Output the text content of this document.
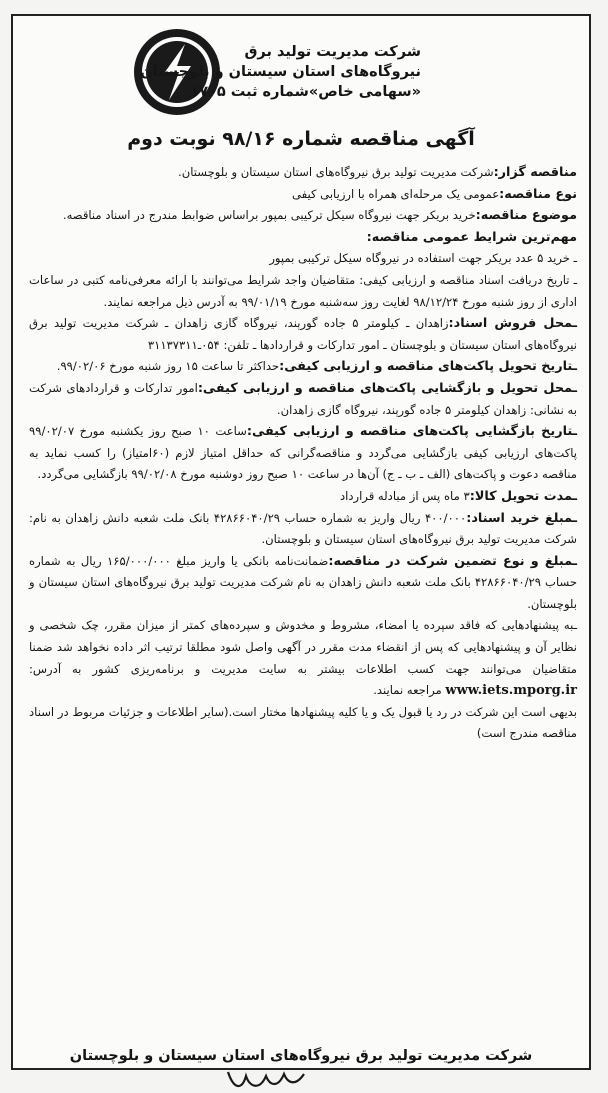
شرکت مدیریت تولید برق
نیروگاه‌های استان سیستان و بلوچستان
«سهامی خاص»شماره ثبت ۱۷۰۵
آگهی مناقصه شماره ۹۸/۱۶ نوبت دوم

مناقصه گزار:شرکت مدیریت تولید برق نیروگاه‌های استان سیستان و بلوچستان.

نوع مناقصه:عمومی یک مرحله‌ای همراه با ارزیابی کیفی

موضوع مناقصه:خرید بریکر جهت نیروگاه سیکل ترکیبی بمپور براساس ضوابط مندرج در اسناد مناقصه.

مهم‌ترین شرایط عمومی مناقصه:

ـ خرید ۵ عدد بریکر جهت استفاده در نیروگاه سیکل ترکیبی بمپور

ـ تاریخ دریافت اسناد مناقصه و ارزیابی کیفی: متقاضیان واجد شرایط می‌توانند با ارائه معرفی‌نامه کتبی در ساعات اداری از روز شنبه مورخ ۹۸/۱۲/۲۴ لغایت روز سه‌شنبه مورخ ۹۹/۰۱/۱۹ به آدرس ذیل مراجعه نمایند.

ـمحل فروش اسناد:زاهدان ـ کیلومتر ۵ جاده گورېند، نیروگاه گازی زاهدان ـ شرکت مدیریت تولید برق نیروگاه‌های استان سیستان و بلوچستان ـ امور تدارکات و قراردادها ـ تلفن: ۰۵۴ـ۳۱۱۳۷۳۱۱

ـتاریخ تحویل پاکت‌های مناقصه و ارزیابی کیفی:حداکثر تا ساعت ۱۵ روز شنبه مورخ ۹۹/۰۲/۰۶.

ـمحل تحویل و بازگشایی پاکت‌های مناقصه و ارزیابی کیفی:امور تدارکات و قراردادهای شرکت به نشانی: زاهدان کیلومتر ۵ جاده گورېند، نیروگاه گازی زاهدان.

ـتاریخ بازگشایی پاکت‌های مناقصه و ارزیابی کیفی:ساعت ۱۰ صبح روز یکشنبه مورخ ۹۹/۰۲/۰۷ پاکت‌های ارزیابی کیفی بازگشایی می‌گردد و مناقصه‌گرانی که حداقل امتیاز لازم (۶۰امتیاز) را کسب نماید به مناقصه دعوت و پاکت‌های (الف ـ ب ـ ج) آن‌ها در ساعت ۱۰ صبح روز دوشنبه مورخ ۹۹/۰۲/۰۸ بازگشایی می‌گردد.

ـمدت تحویل کالا:۳ ماه پس از مبادله قرارداد

ـمبلغ خرید اسناد:۴۰۰/۰۰۰ ریال واریز به شماره حساب ۴۲۸۶۶۰۴۰/۲۹ بانک ملت شعبه دانش زاهدان به نام: شرکت مدیریت تولید برق نیروگاه‌های استان سیستان و بلوچستان.

ـمبلغ و نوع تضمین شرکت در مناقصه:ضمانت‌نامه بانکی یا واریز مبلغ ۱۶۵/۰۰۰/۰۰۰ ریال به شماره حساب ۴۲۸۶۶۰۴۰/۲۹ بانک ملت شعبه دانش زاهدان به نام شرکت مدیریت تولید برق نیروگاه‌های استان سیستان و بلوچستان.

ـبه پیشنهادهایی که فاقد سپرده یا امضاء، مشروط و مخدوش و سپرده‌های کمتر از میزان مقرر، چک شخصی و نظایر آن و پیشنهادهایی که پس از انقضاء مدت مقرر در آگهی واصل شود مطلقا ترتیب اثر داده نخواهد شد ضمنا متقاضیان می‌توانند جهت کسب اطلاعات بیشتر به سایت مدیریت و برنامه‌ریزی کشور به آدرس: www.iets.mporg.ir مراجعه نمایند.

بدیهی است این شرکت در رد یا قبول یک و یا کلیه پیشنهادها مختار است.(سایر اطلاعات و جزئیات مربوط در اسناد مناقصه مندرج است)

شرکت مدیریت تولید برق نیروگاه‌های استان سیستان و بلوچستان
